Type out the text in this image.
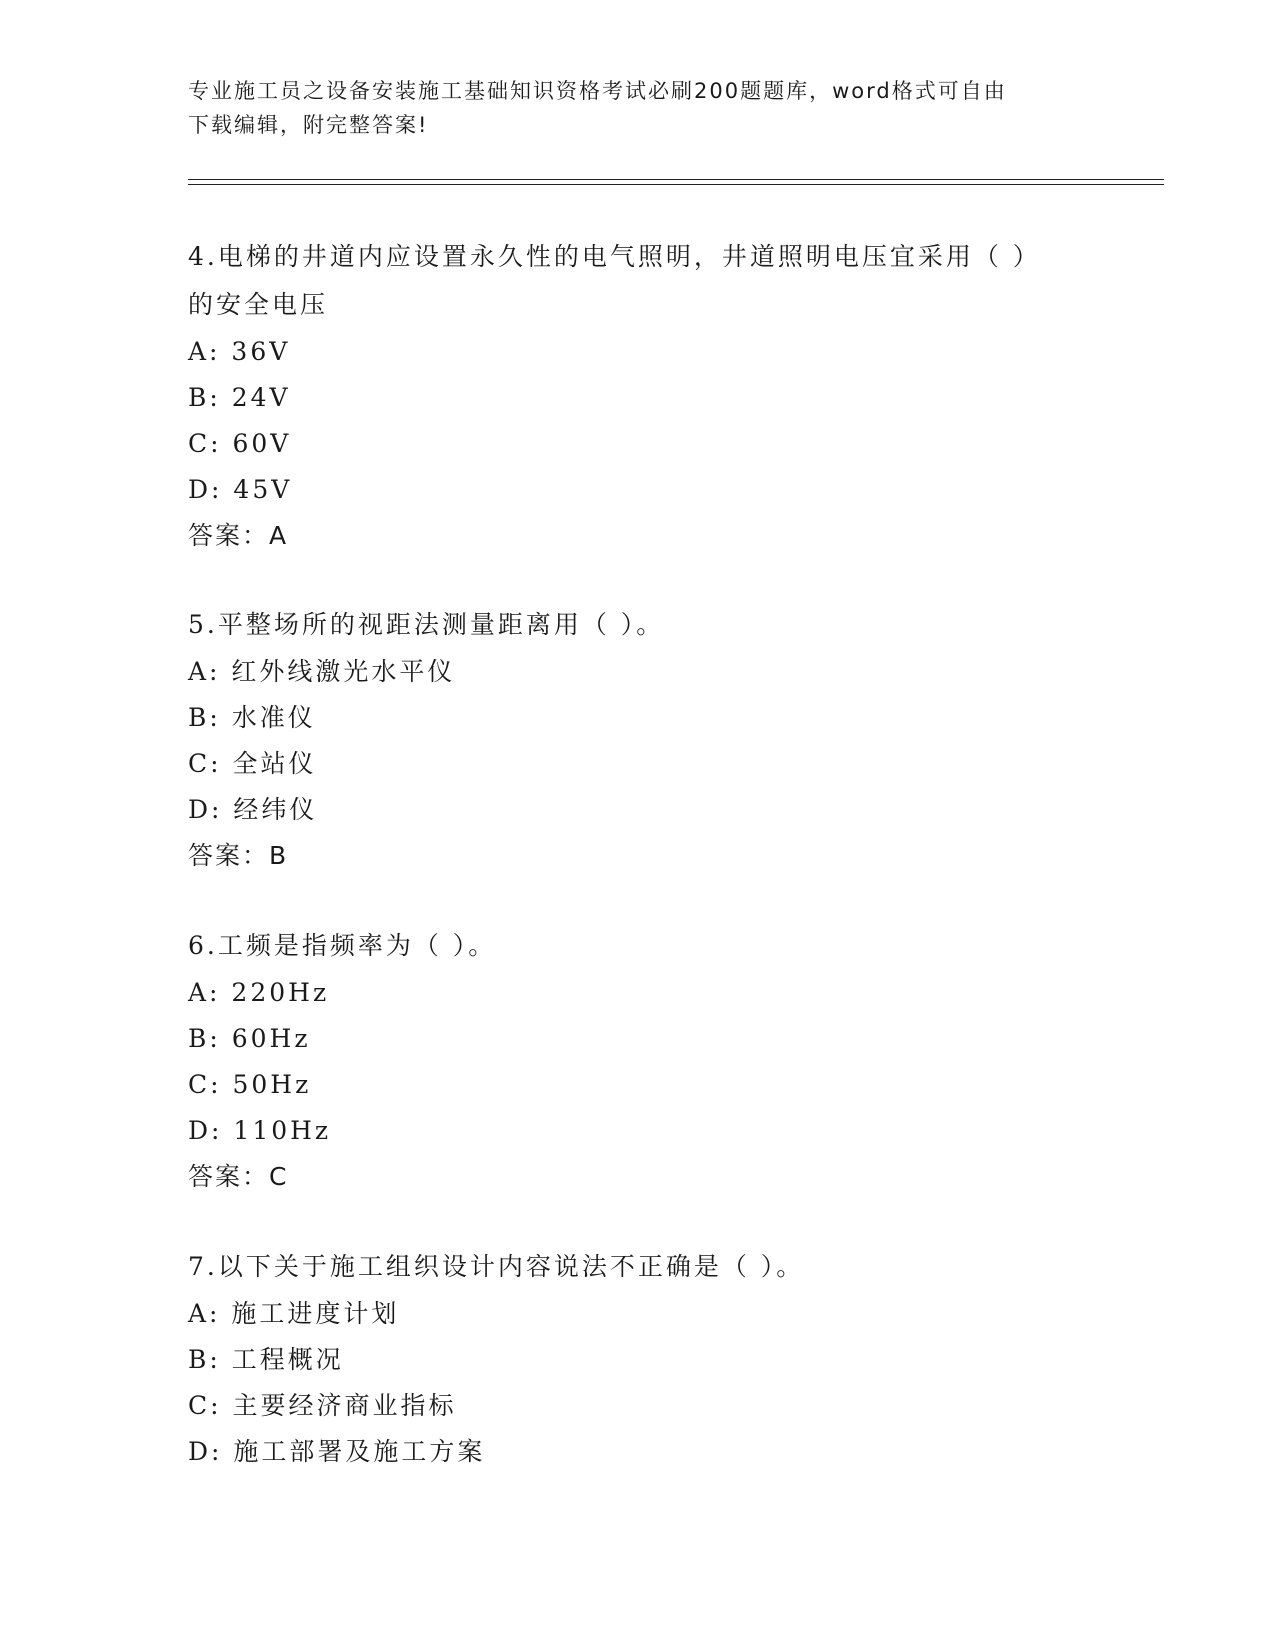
专业施工员之设备安装施工基础知识资格考试必刷200题题库，word格式可自由
下载编辑，附完整答案!
4.电梯的井道内应设置永久性的电气照明，井道照明电压宜采用（ ）
的安全电压
A: 36V
B: 24V
C: 60V
D: 45V
答案：A
5.平整场所的视距法测量距离用（ ）。
A: 红外线激光水平仪
B: 水准仪
C: 全站仪
D: 经纬仪
答案：B
6.工频是指频率为（ ）。
A: 220Hz
B: 60Hz
C: 50Hz
D: 110Hz
答案：C
7.以下关于施工组织设计内容说法不正确是（ ）。
A: 施工进度计划
B: 工程概况
C: 主要经济商业指标
D: 施工部署及施工方案
